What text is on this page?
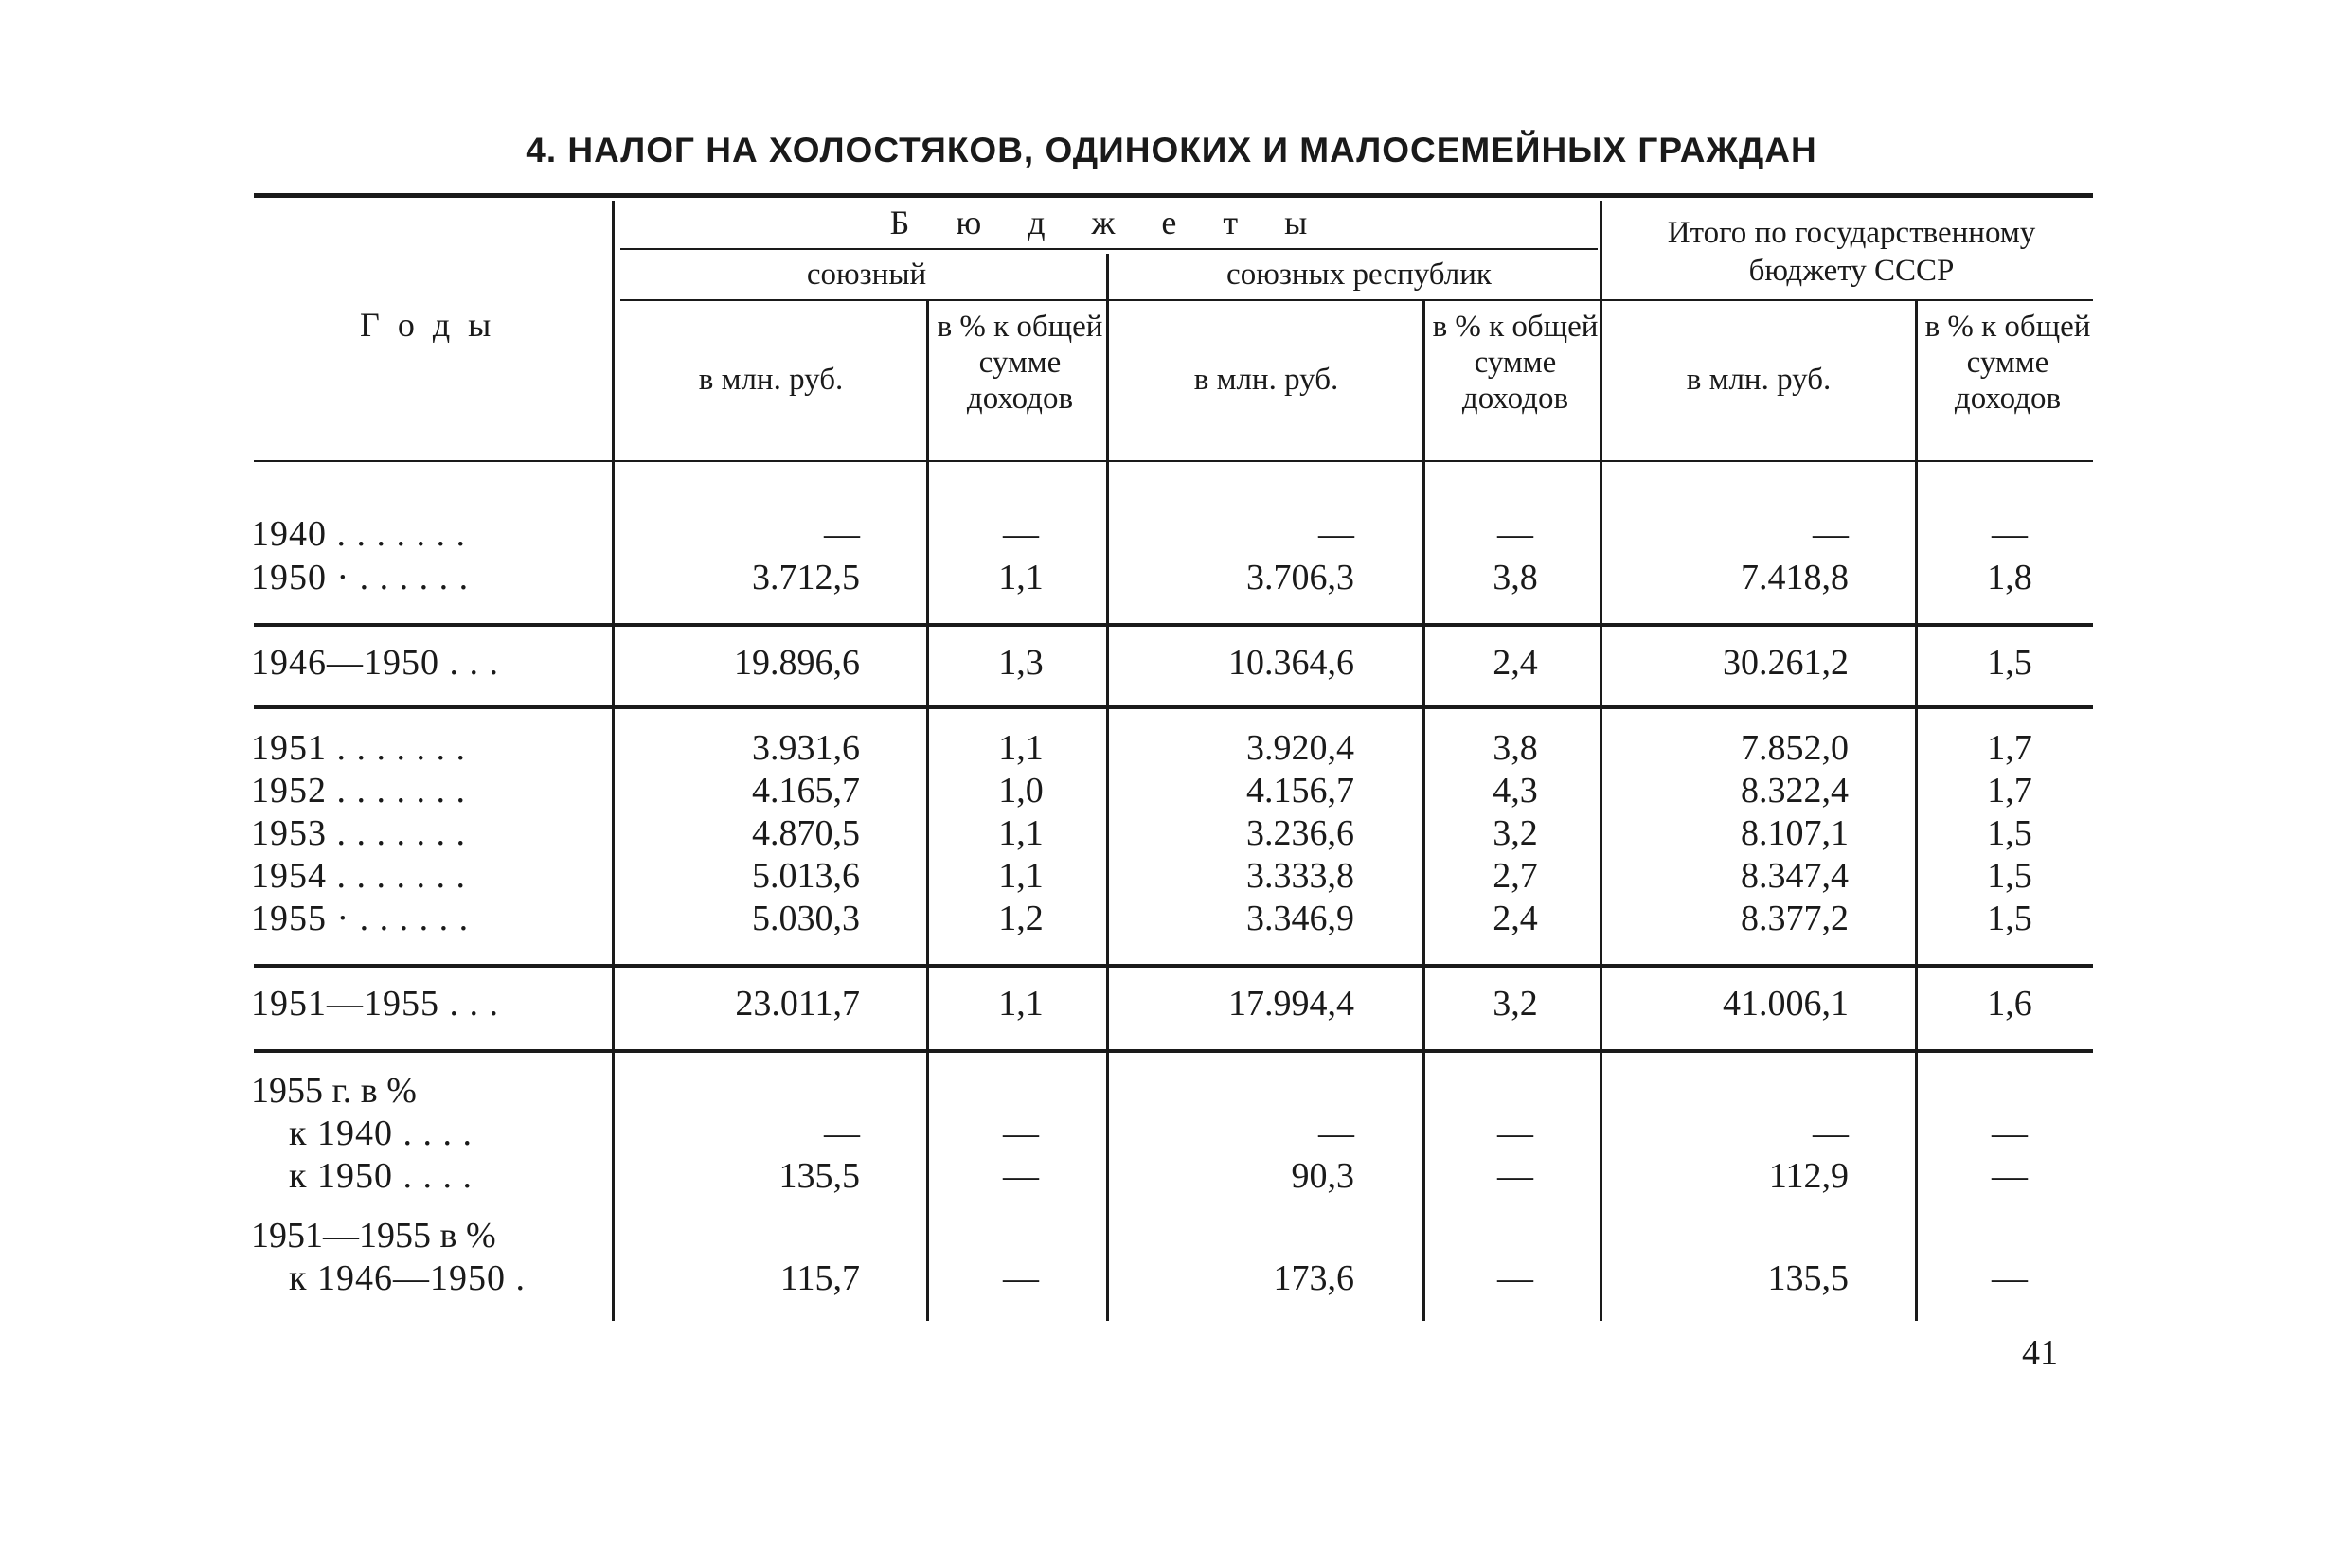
4. НАЛОГ НА ХОЛОСТЯКОВ, ОДИНОКИХ И МАЛОСЕМЕЙНЫХ ГРАЖДАН
Г о д ы
Б ю д ж е т ы
союзный	союзных республик
Итого по государственному бюджету СССР
в млн. руб.
в % к общей сумме доходов
в млн. руб.
в % к общей сумме доходов
в млн. руб.
в % к общей сумме доходов
1955 г. в %
1951—1955 в %
1940 . . . . . . .	—	—	—	—	—	—
1950 · . . . . . .	3.712,5	1,1	3.706,3	3,8	7.418,8	1,8
1946—1950 . . .	19.896,6	1,3	10.364,6	2,4	30.261,2	1,5
1951 . . . . . . .	3.931,6	1,1	3.920,4	3,8	7.852,0	1,7
1952 . . . . . . .	4.165,7	1,0	4.156,7	4,3	8.322,4	1,7
1953 . . . . . . .	4.870,5	1,1	3.236,6	3,2	8.107,1	1,5
1954 . . . . . . .	5.013,6	1,1	3.333,8	2,7	8.347,4	1,5
1955 · . . . . . .	5.030,3	1,2	3.346,9	2,4	8.377,2	1,5
1951—1955 . . .	23.011,7	1,1	17.994,4	3,2	41.006,1	1,6
к 1940 . . . .	—	—	—	—	—	—
к 1950 . . . .	135,5	—	90,3	—	112,9	—
к 1946—1950 .	115,7	—	173,6	—	135,5	—
41
